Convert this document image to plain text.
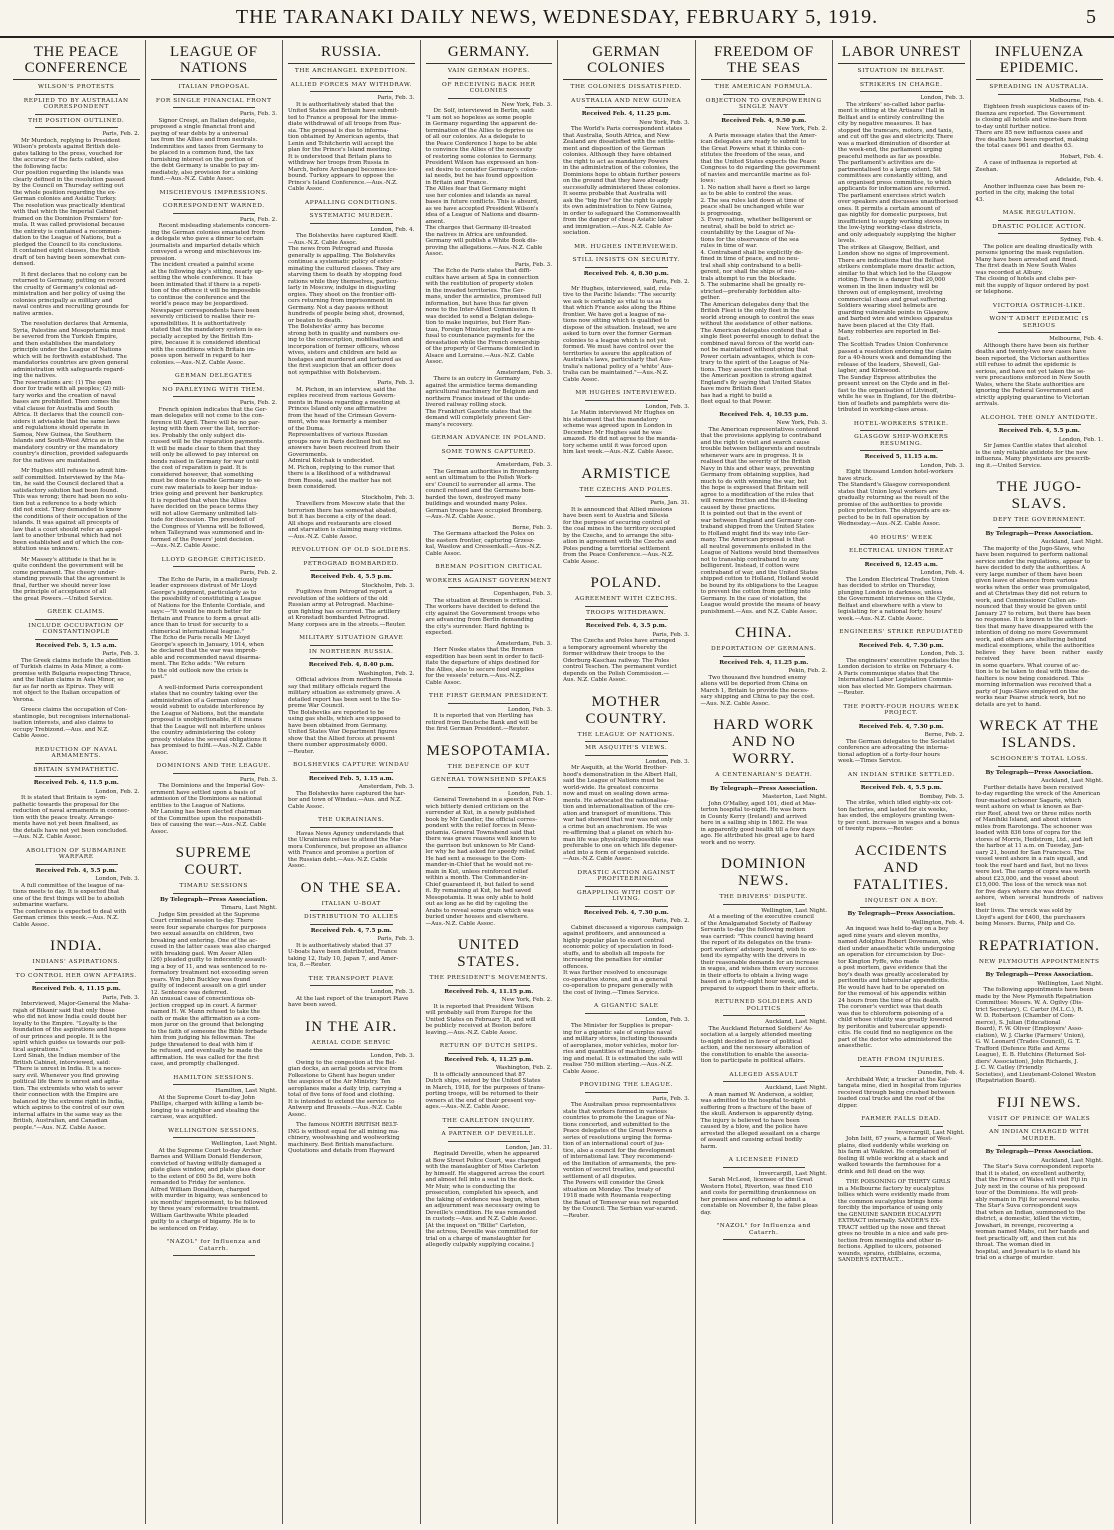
THE TARANAKI DAILY NEWS, WEDNESDAY, FEBRUARY 5, 1919.	5
THE PEACE CONFERENCE
WILSON'S PROTESTS
REPLIED TO BY AUSTRALIAN CORRESPONDENT
THE POSITION OUTLINED.
Paris, Feb. 2.
Mr Murdoch, replying to President
Wilson's protests against British dele-
gates talking to the press, vouched for
the accuracy of the facts cabled, also
the following facts:
Our position regarding the islands was
clearly defined in the resolution passed
by the Council on Thursday setting out
the whole position regarding the ex-
German colonies and Asiatic Turkey.
The resolution was practically identical
with that which the Imperial Cabinet
framed on the Dominion Premiers' for-
mula. It was called provisional because
the entirety is contained a recommen-
dation to the League of Nations, but a
pledged the Council to its conclusions.
It contained eight clauses, the British
draft of ten having been somewhat con-
densed.
It first declares that no colony can be
returned to Germany, putting on record
the cruelty of Germany's colonial ad-
ministration and her policy of using the
colonies principally as military and
naval centres and recruiting grounds for
native armies.
The resolution declares that Armenia,
Syria, Palestine and Mesopotamia must
be severed from the Turkish Empire,
and then establishes the mandatory
principle under the League of Nations
which will be forthwith established. The
mandatories countries are given general
administration with safeguards regard-
ing the natives.
The reservations are: (1) The open
door for trade with all peoples; (2) mili-
tary works and the creation of naval
bases are prohibited. Then comes the
vital clause for Australia and South
Africa. It declares that the council con-
siders it advisable that the same laws
and regulations should operate in
Samoa, New Guinea, the Southern
Islands and South-West Africa as in the
mandatory country or the mandatory
country's direction, provided safeguards
for the natives are maintained.
Mr Hughes still refuses to admit him-
self committed. Interviewed by the Ma-
tin, he said the Council declared that a
satisfactory solution had been found.
This was wrong; there had been no solu-
tion but a reference to a body which
did not exist. They demanded to know
the conditions of their occupation of the
islands. It was against all precepts of
law that a court should refer an appel-
lant to another tribunal which had not
been established and of which the con-
stitution was unknown.
Mr Massey's attitude is that he is
quite confident the government will be
come permanent. The cheery under-
standing prevails that the agreement is
final, further we should never lose
the principle of acceptance of all
the great Powers.—United Service.
GREEK CLAIMS.
INCLUDE OCCUPATION OF CONSTANTINOPLE
Received Feb. 5, 1.5 a.m.
Paris, Feb. 3.
The Greek claims include the abolition
of Turkish claims in Asia Minor, a com-
promise with Bulgaria respecting Thrace,
and the Italian claims in Asia Minor, so
far as far north as Epirus. They will
not object to the Italian occupation of
Verona.
Greece claims the occupation of Con-
stantinople, but recognises international-
isation interests, and also claims to
occupy Trebizond.—Aus. and N.Z.
Cable Assoc.
REDUCTION OF NAVAL ARMAMENTS.
BRITAIN SYMPATHETIC.
Received Feb. 4, 11.5 p.m.
London, Feb. 2.
It is stated that Britain is sym-
pathetic towards the proposal for the
reduction of naval armaments in connec-
tion with the peace treaty. Arrange-
ments have not yet been finalised, as
the details have not yet been concluded.
—Aus. N.Z. Cable Assoc.
ABOLITION OF SUBMARINE WARFARE
Received Feb. 4, 5.5 p.m.
London, Feb. 3.
A full committee of the league of na-
tions meets to day. It is expected that
one of the first things will be to abolish
submarine warfare.
The conference is expected to deal with
German crimes this week.—Aus. N.Z.
Cable Assoc.
INDIA.
INDIANS' ASPIRATIONS.
TO CONTROL HER OWN AFFAIRS.
Received Feb. 4, 11.15 p.m.
Paris, Feb. 3.
Interviewed, Major-General the Maha-
rajah of Bikanir said that only those
who did not know India could doubt her
loyalty to the Empire. "Loyalty is the
foundation of the aspirations and hopes
of our princes and people. It is the
spirit which guides us towards our poli-
tical aspirations."
Lord Sinah, the Indian member of the
British Cabinet, interviewed, said:
"There is unrest in India. It is a neces-
sary evil. Whenever you find growing
political life there is unrest and agita-
tion. The extremists who wish to sever
their connection with the Empire are
balanced by the extreme right in India,
which aspires to the control of our own
internal affairs in the same way as the
British, Australian, and Canadian
people."—Aus. N.Z. Cable Assoc.
LEAGUE OF NATIONS
ITALIAN PROPOSAL
FOR SINGLE FINANCIAL FRONT
Paris, Feb. 3.
Signor Crespi, an Italian delegate,
proposed a single financial front and
paying of war debts by a universal
tax from the Allies and from neutrals.
Indemnities and taxes from Germany to
be placed in a common fund, the tax
furnishing interest on the portion of
the debt Germany is unable to pay im-
mediately, also provision for a sinking
fund.—Aus.-N.Z. Cable Assoc.
MISCHIEVOUS IMPRESSIONS.
CORRESPONDENT WARNED.
Paris, Feb. 2.
Recent misleading statements concern-
ing the German colonies emanated from
a delegate who gave a dinner to certain
journalists and imparted details which
conveyed a wrong and mischievous im-
pression.
The incident created a painful scene
at the following day's sitting, nearly up-
setting the whole conference. It has
been intimated that if there is a repeti-
tion of the offence it will be impossible
to continue the conference and the
world's peace may be jeopardised.
Newspaper correspondents have been
severely criticised to realise their re-
sponsibilities. It is authoritatively
stated that the mandatory system is es-
pecially accepted by the British Em-
pire, because it is considered identical
with the conditions which Britain im-
poses upon herself in regard to her
colonies.—Aus.-N.Z. Cable Assoc.
GERMAN DELEGATES
NO PARLEYING WITH THEM.
Paris, Feb. 2.
French opinion indicates that the Ger-
man delegates will not come to the con-
ference till April. There will be no par-
leying with them over the list, territor-
ies. Probably the only subject dis-
cussed will be the reparation payments.
It will be made clear to them that they
will only be allowed to pay interest on
bonds raised in Germany for war until
the cost of reparation is paid. It is
considered however, that something
must be done to enable Germany to se-
cure raw materials to keep her indus-
tries going and prevent her bankruptcy.
It is reported that when the Allies
have decided on the peace terms they
will not allow Germany unlimited lati-
tude for discussion. The president of
the Congress of Vienna will be followed,
when Talleyrand was summoned and in-
formed of the Powers' joint decision.
—Aus.-N.Z. Cable Assoc.
LLOYD GEORGE CRITICISED.
Paris, Feb. 2.
The Echo de Paris, in a maliciously
leader expresses distrust of Mr Lloyd
George's judgment, particularly as to
the possibility of constituting a League
of Nations for the Entente Cordiale, and
says:—"It would be much better for
Britain and France to form a great alli-
ance than to trust for security to a
chimerical international league."
The Echo de Paris recalls Mr Lloyd
George's speech in January, 1914, when
he declared that the war was improb-
able and recommended naval disarma-
ment. The Echo adds: "We return
to the old outlook now the crisis is
past."
A well-informed Paris correspondent
states that no country taking over the
administration of a German colony
would submit to outside interference by
the League of Nations, but the mandate
proposal is unobjectionable, if it means
that the League will not interfere unless
the country administering the colony
grossly violates the several obligations it
has promised to fulfil.—Aus.-N.Z. Cable
Assoc.
DOMINIONS AND THE LEAGUE.
Paris, Feb. 3.
The Dominions and the Imperial Gov-
ernment have settled upon a basis of
admission of the Dominions as national
entities to the League of Nations.
Mr Lansing has been elected chairman
of the Committee upon the responsibili-
ties of causing the war.—Aus.-N.Z. Cable
Assoc.
SUPREME COURT.
TIMARU SESSIONS
By Telegraph—Press Association.
Timaru, Last Night.
Judge Sim presided at the Supreme
Court criminal session to-day. There
were four separate charges for purposes
two sexual assaults on children, two
breaking and entering. One of the ac-
cused in the latter cases was also charged
with breaking gaol. Wm Asser Allen
(26) pleaded guilty to indecently assault-
ing a boy of 11, and was sentenced to re-
formatory treatment not exceeding seven
years. Wm John Buckley was found
guilty of indecent assault on a girl under
12. Sentence was deferred.
An unusual case of conscientious ob-
jection cropped up in court. A farmer
named H. W. Mann refused to take the
oath or make the affirmation as a com-
mon juror on the ground that belonging
to the faith of someone the Bible forbade
him from judging his fellowman. The
judge threatened to deal with him if
he refused, and eventually he made the
affirmation. He was called for the first
case, and promptly challenged.
HAMILTON SESSIONS.
Hamilton, Last Night.
At the Supreme Court to-day John
Phillips, charged with killing a lamb be-
longing to a neighbor and stealing the
carcase, was acquitted.
WELLINGTON SESSIONS.
Wellington, Last Night.
At the Supreme Court to-day Archer
Barnes and William Donald Henderson,
convicted of having wilfully damaged a
plate glass window, and plate glass door
to the extent of £60 5s 8d, were both
remanded to Friday for sentence.
Alfred William Donaldson, charged
with murder in bigamy, was sentenced to
six months' imprisonment, to be followed
by three years' reformative treatment.
William Garthwaite White pleaded
guilty to a charge of bigamy. He is to
be sentenced on Friday.
"NAZOL" for Influenza and Catarrh.
RUSSIA.
THE ARCHANGEL EXPEDITION.
ALLIED FORCES MAY WITHDRAW.
Paris, Feb. 3.
It is authoritatively stated that the
United States and Britain have submit-
ted to France a proposal for the imme-
diate withdrawal of all troops from Rus-
sia. The proposal is due to informa-
tion obtained by American agents, that
Lenin and Tchitcherin will accept the
plan for the Prince's Island meeting.
It is understood that Britain plans to
withdraw her troops from Russia in
March, before Archangel becomes ice-
bound. Turkey appears to oppose the
Prince's Island Conference.—Aus.-N.Z.
Cable Assoc.
APPALLING CONDITIONS.
SYSTEMATIC MURDER.
London, Feb. 4.
The Bolsheviks have captured Kieff.
—Aus.-N.Z. Cable Assoc.
The news from Petrograd and Russia
generally is appalling. The Bolsheviks
continue a systematic policy of exter-
minating the cultured classes. They are
starving them to death by stopping food
rations while they themselves, particu-
larly in Moscow, indulge in disgusting
orgies. They shoot on the frontier offi-
cers returning from imprisonment in
Germany. Not a day passes without
hundreds of people being shot, drowned,
or beaten to death.
The Bolsheviks' army has become
strong both in quality and numbers ow-
ing to the conscription, mobilisation and
incorporation of former officers, whose
wives, sisters and children are held as
hostages and murdered and tortured as
the first suspicion that an officer does
not sympathise with Bolshevism.
Paris, Feb. 3.
M. Pichon, in an interview, said the
replies received from various Govern-
ments in Russia regarding a meeting at
Princes Island only one affirmative
from the head of the Crimean Govern-
ment, who was formerly a member
of the Duma.
Representatives of various Russian
groups now in Paris declined but no
answers have been received from their
Governments.
Admiral Kolchak is undecided.
M. Pichon, replying to the rumor that
there is a likelihood of a withdrawal
from Russia, said the matter has not
been considered.
Stockholm, Feb. 3.
Travellers from Moscow state that the
terrorism there has somewhat abated,
but it has become a city of the dead.
All shops and restaurants are closed
and starvation is claiming many victims.
—Aus.-N.Z. Cable Assoc.
REVOLUTION OF OLD SOLDIERS.
PETROGRAD BOMBARDED.
Received Feb. 4, 5.5 p.m.
Stockholm, Feb. 3.
Fugitives from Petrograd report a
revolution of the soldiers of the old
Russian army at Petrograd. Machine-
gun fighting has occurred. The artillery
at Kronstadt bombarded Petrograd.
Many corpses are in the streets.—Reuter.
MILITARY SITUATION GRAVE
IN NORTHERN RUSSIA.
Received Feb. 4, 8.40 p.m.
Washington, Feb. 2.
Official advices from northern Russia
say that military officials regard the
military situation as extremely grave. A
detailed report has been sent to the Su-
preme War Council.
The Bolsheviks are reported to be
using gas shells, which are supposed to
have been obtained from Germany.
United States War Department figures
show that the Allied forces at present
there number approximately 6000.
—Reuter.
BOLSHEVIKS CAPTURE WINDAU
Received Feb. 5, 1.15 a.m.
Amsterdam, Feb. 3.
The Bolsheviks have captured the har-
bor and town of Windau.—Aus. and N.Z.
Cable Assoc.
THE UKRAINIANS.
Havas News Agency understands that
the Ukrainians refuse to attend the Mar-
mora Conference, but propose an alliance
with France and promise a portion of
the Russian debt.—Aus.-N.Z. Cable
Assoc.
ON THE SEA.
ITALIAN U-BOAT
DISTRIBUTION TO ALLIES
Received Feb. 4, 7.5 p.m.
Paris, Feb. 3.
It is authoritatively stated that 37
U-boats have been distributed, France
taking 12, Italy 10, Japan 7, and Amer-
ica, 8.—Reuter.
THE TRANSPORT PIAVE
London, Feb. 3.
At the last report of the transport Piave
have been saved.
IN THE AIR.
AERIAL CODE SERVIC
London, Feb. 3.
Owing to the congestion at the Bel-
gian docks, an aerial goods service from
Folkestone to Ghent has begun under
the auspices of the Air Ministry. Ten
aeroplanes make a daily trip, carrying a
total of five tons of food and clothing.
It is intended to extend the service to
Antwerp and Brussels.—Aus.-N.Z. Cable
Assoc.
The famous NORTH BRITISH BELT-
ING is without equal for all mining ma-
chinery, woolwashing and woolworking
machinery. Best British manufacture.
Quotations and details from Hayward
GERMANY.
VAIN GERMAN HOPES.
OF RECEIVING BACK HER COLONIES
New York, Feb. 3.
Dr. Solf, interviewed in Berlin, said:
"I am not so hopeless as some people
in Germany regarding the apparent de-
termination of the Allies to deprive us
of all our colonies. As a delegate to
the Peace Conference I hope to be able
to convince the Allies of the necessity
of restoring some colonies to Germany.
President Wilson has expressed an hon-
est desire to consider Germany's colon-
ial needs, but he has found opposition
in Britain and France.
The Allies fear that Germany might
use her colonies and islands as naval
bases in future conflicts. This is absurd,
as we have accepted President Wilson's
idea of a League of Nations and disarm-
ament.
The charges that Germany ill-treated
the natives in Africa are unfounded.
Germany will publish a White Book dis-
proving the allegations.—Aus.-N.Z. Cable
Assoc.
Paris, Feb. 3.
The Echo de Paris states that diffi-
culties have arisen at Spa in connection
with the restitution of property stolen
in the invaded territories. The Ger-
mans, under the armistice, promised full
information, but have thus far given
none to the Inter-Allied Commission. It
was decided to send a Belgian delega-
tion to make inquiries, but Herr Ran-
tzau, Foreign Minister, replied by a re-
fusal to countenance payments for the
devastation while the French ownership
of the property of Germans domiciled in
Alsace and Lorraine.—Aus.-N.Z. Cable
Assoc.
Amsterdam, Feb. 3.
There is an outcry in Germany
against the armistice terms demanding
agricultural machinery for Belgium and
northern France instead of the unde-
livered railway rolling stock.
The Frankfurt Gazette states that the
demand will completely prevent Ger-
many's recovery.
GERMAN ADVANCE IN POLAND.
SOME TOWNS CAPTURED.
Amsterdam, Feb. 3.
The German authorities in Bromberg
sent an ultimatum to the Polish Work-
ers' Council to surrender all arms. The
council refused and the Germans bom-
barded the town, destroyed many
buildings and wounded many Poles.
German troops have occupied Bromberg.
—Aus.-N.Z. Cable Assoc.
Berne, Feb. 3.
The Germans attacked the Poles on
the eastern frontier, capturing Grzesz-
kal, Wasilow and Cressenkall.—Aus.-N.Z.
Cable Assoc.
BREMAN POSITION CRITICAL
WORKERS AGAINST GOVERNMENT
Copenhagen, Feb. 3.
The situation at Bremen is critical.
The workers have decided to defend the
city against the Government troops who
are advancing from Berlin demanding
the city's surrender. Hard fighting is
expected.
Amsterdam, Feb. 3.
Herr Noske states that the Bremen
expedition has been sent in order to facil-
itate the departure of ships destined for
the Allies, also to secure food supplies
for the vessels' return.—Aus.-N.Z.
Cable Assoc.
THE FIRST GERMAN PRESIDENT.
London, Feb. 3.
It is reported that von Hertling has
retired from Deutsche Bank and will be
the first German President.—Reuter.
MESOPOTAMIA.
THE DEFENCE OF KUT
GENERAL TOWNSHEND SPEAKS
London, Feb. 1.
General Townshend in a speech at Nor-
wich bitterly denied criticism on the
surrender at Kut, in a newly published
book by Mr Candler, the official corres-
pondent with the relief forces in Meso-
potamia. General Townshend said that
there was grave reasons well known to
the garrison but unknown to Mr Cand-
ler why he had asked for speedy relief.
He had sent a message to the Com-
mander-in-Chief that he would not re-
main in Kut, unless reinforced relief
within a month. The Commander-in-
Chief guaranteed it, but failed to send
it. By remaining at Kut, he had saved
Mesopotamia. It was only able to hold
out as long as he did by cajoling the
Arabs to reveal some grain which was
buried under houses and elsewhere.
—Aus.-N.Z. Cable Assoc.
UNITED STATES.
THE PRESIDENT'S MOVEMENTS.
Received Feb. 4, 11.15 p.m.
New York, Feb. 2.
It is reported that President Wilson
will probably sail from Europe for the
United States on February 18, and will
be publicly received at Boston before
leaving.—Aus.-N.Z. Cable Assoc.
RETURN OF DUTCH SHIPS.
Received Feb. 4, 11.25 p.m.
Washington, Feb. 2.
It is officially announced that 87
Dutch ships, seized by the United States
in March, 1918, for the purposes of trans-
porting troops, will be returned to their
owners at the end of their present voy-
ages.—Aus.-N.Z. Cable Assoc.
THE CARLETON INQUIRY.
A PARTNER OF DEVEILLE.
London, Jan. 31.
Reginald Deveille, when he appeared
at Bow Street Police Court, was charged
with the manslaughter of Miss Carleton
by himself. He staggered across the court
and almost fell into a seat in the dock.
Mr Muir, who is conducting the
prosecution, completed his speech, and
the taking of evidence was begun, when
an adjournment was necessary owing to
Deveille's condition. He was remanded
in custody.—Aus. and N.Z. Cable Assoc.
[At the inquest on "Billie" Carleton,
the actress, Deveille was committed for
trial on a charge of manslaughter for
allegedly culpably supplying cocaine.]
GERMAN COLONIES
THE COLONIES DISSATISFIED.
AUSTRALIA AND NEW GUINEA
Received Feb. 4, 11.25 p.m.
New York, Feb. 3.
The World's Paris correspondent states
that Australia, South Africa, and New
Zealand are dissatisfied with the settle-
ment and disposition of the German
colonies. Although they have obtained
the right to act as mandatory Powers
in the administration of the colonies, the
Dominions hope to obtain further powers
on the ground that they have already
successfully administered these colonies.
It seems probable that Australia will
ask the "big five" for the right to apply
its own administration to New Guinea,
in order to safeguard the Commonwealth
from the danger of cheap Asiatic labor
and immigration.—Aus.-N.Z. Cable As-
sociation.
MR. HUGHES INTERVIEWED.
STILL INSISTS ON SECURITY.
Received Feb. 4, 8.30 p.m.
Paris, Feb. 2.
Mr Hughes, interviewed, said, rela-
tive to the Pacific Islands: "The security
we ask is certainly as vital to us as
that which France asks along the Rhine
frontier. We have got a league of na-
tions now sitting which is qualified to
dispose of the situation. Instead, we are
asked to turn over the former German
colonies to a league which is not yet
formed. We must have control over the
territories to assure the application of
Australia's laws, particularly that Aus-
tralia's national policy of a 'white' Aus-
tralia can be maintained."—Aus.-N.Z.
Cable Assoc.
MR HUGHES INTERVIEWED.
London, Feb. 3.
Le Matin interviewed Mr Hughes on
his statement that the mandatory
scheme was agreed upon in London in
December. Mr Hughes said he was
amazed. He did not agree to the manda-
tory scheme until it was forced upon
him last week.—Aus.-N.Z. Cable Assoc.
ARMISTICE
THE CZECHS AND POLES.
Paris, Jan. 31.
It is announced that Allied missions
have been sent to Austria and Silesia
for the purpose of securing control of
the coal mines in the territory occupied
by the Czechs, and to arrange the situ-
ation in agreement with the Czechs and
Poles pending a territorial settlement
from the Peace Conference.—Aus.-N.Z.
Cable Assoc.
POLAND.
AGREEMENT WITH CZECHS.
TROOPS WITHDRAWN.
Received Feb. 4, 3.5 p.m.
Paris, Feb. 3.
The Czechs and Poles have arranged
a temporary agreement whereby the
former withdraw their troops to the
Oderburg-Kaschau railway. The Poles
control Teschen. The permanent verdict
depends on the Polish Commission.—
Aus. N.Z. Cable Assoc.
MOTHER COUNTRY.
THE LEAGUE OF NATIONS.
MR ASQUITH'S VIEWS.
London, Feb. 3.
Mr Asquith, at the World Brother-
hood's demonstration in the Albert Hall,
said the League of Nations must be
world-wide. Its greatest concerns
now and must on sealing down arma-
ments. He advocated the nationalisa-
tion and internationalisation of the cre-
ation and transport of munitions. This
war had showed that war was not only
a crime but an anachronism. He was
re-affirming that a planet on which hu-
man life was physically impossible was
preferable to one on which life degener-
ated into a form of organised suicide.
—Aus.-N.Z. Cable Assoc.
DRASTIC ACTION AGAINST PROFITEERING.
GRAPPLING WITH COST OF LIVING.
Received Feb. 4, 7.30 p.m.
Paris, Feb. 2.
Cabinet discussed a vigorous campaign
against profiteers, and announced a
highly popular plan to exert central
economic policy of speculation in food-
stuffs, and to abolish all imposts for
increasing the penalties for similar
offences.
It was further resolved to encourage
co-operative stores, and in a general
co-operation to prepare generally with
the cost of living.—Times Service.
A GIGANTIC SALE
London, Feb. 3.
The Minister for Supplies is prepar-
ing for a gigantic sale of surplus naval
and military stores, including thousands
of aeroplanes, motor vehicles, motor lor-
ries and quantities of machinery, cloth-
ing and metal. It is estimated the sale will
realise 750 million sterling.—Aus.-N.Z.
Cable Assoc.
PROVIDING THE LEAGUE.
Paris, Feb. 3.
The Australian press representatives
state that workers formed in various
countries to promote the League of Na-
tions concerted, and submitted to the
Peace delegates of the Great Powers a
series of resolutions urging the forma-
tion of an international court of jus-
tice, also a council for the development
of international law. They recommend-
ed the limitation of armaments, the pre-
vention of secret treaties, and peaceful
settlement of all disputes.
The Powers will consider the Greek
situation on Monday. The treaty of
1918 made with Roumania respecting
the Banat of Temesvar was not regarded
by the Council. The Serbian war-scared.
—Reuter.
FREEDOM OF THE SEAS
THE AMERICAN FORMULA.
OBJECTION TO OVERPOWERING SINGLE NAVY
Received Feb. 4, 9.50 p.m.
New York, Feb. 2.
A Paris message states that the Amer-
ican delegates are ready to submit to
the Great Powers what it thinks con-
stitutes the freedom of the seas, and
that the United States expects the Peace
Congress to do regarding the government
of navies and mercantile marine as fol-
lows:
1. No nation shall have a fleet so large
as to be able to control the seas.
2. The sea rules laid down at time of
peace shall be unchanged while war
is progressing.
3. Every nation, whether belligerent or
neutral, shall be bold to strict ac-
countability by the League of Na-
tions for the observance of the sea
rules in time of war.
4. Contraband shall be explicitly de-
fined in time of peace, and no neu-
tral shall ship contraband to a belli-
gerent, nor shall the ships of neu-
trals attempt to run the blockade.
5. The submarine shall be greatly re-
stricted—preferably forbidden alto-
gether.
The American delegates deny that the
British Fleet is the only fleet in the
world strong enough to control the seas
without the assistance of other nations.
The American delegates contend that a
single fleet powerful enough to defeat the
combined naval forces of the world can-
not be maintained without giving that
Power certain advantages, which is con-
trary to the spirit of the League of Na-
tions. They assert the contention that
the American position is strong against
England's fly saying that United States
have more British fleet
has had a right to build a
fleet equal to that Power.
Received Feb. 4, 10.55 p.m.
New York, Feb. 3.
The American representatives contend
that the provisions applying to contraband
and the right to visit and search cause
trouble between belligerents and neutrals
whenever wars are in progress. It is
realised that the severity of the British
Navy in this and other ways, preventing
Germany from obtaining supplies, had
much to do with winning the war, but
the hope is expressed that Britain will
agree to a modification of the rules that
will remove friction and the ill-feeling
caused by these practices.
It is pointed out that in the event of
war between England and Germany con-
traband shipped from the United States
to Holland might find its way into Ger-
many. The American proposal is that
all neutral governments enlisted in the
League of Nations would bind themselves
not to transship contraband to any
belligerent. Instead, if cotton were
contraband of war, and the United States
shipped cotton to Holland, Holland would
be bound by its obligations to the League
to prevent the cotton from getting into
Germany. In the case of violation, the
League would provide the means of heavy
punishment.—Aus. and N.Z. Cable Assoc.
CHINA.
DEPORTATION OF GERMANS.
Received Feb. 4, 11.25 p.m.
Pekin, Feb. 2.
Two thousand five hundred enemy
aliens will be deported from China on
March 1, Britain to provide the neces-
sary shipping and China to pay the cost.
—Aus. N.Z. Cable Assoc.
HARD WORK AND NO WORRY.
A CENTENARIAN'S DEATH.
By Telegraph—Press Association.
Masterton, Last Night.
John O'Malley, aged 101, died at Mas-
terton hospital to-night. He was born
in County Kerry (Ireland) and arrived
here in a sailing ship in 1862. He was
in apparently good health till a few days
ago. He attributed his great age to hard
work and no worry.
DOMINION NEWS.
THE DRIVERS' DISPUTE.
Wellington, Last Night.
At a meeting of the executive council
of the Amalgamated Society of Railway
Servants to-day the following motion
was carried: "This council having heard
the report of its delegates on the trans-
port workers' advisory board, wish to ex-
tend its sympathy with the drivers in
their reasonable demands for an increase
in wages, and wishes them every success
in their efforts to obtain a living wage
based on a forty-eight hour week, and is
prepared to support them in their efforts.
RETURNED SOLDIERS AND POLITICS
Auckland, Last Night.
The Auckland Returned Soldiers' As-
sociation at a largely attended meeting
to-night decided in favor of political
action, and the necessary alteration of
the constitution to enable the associa-
tion to participate in political affairs.
ALLEGED ASSAULT
Auckland, Last Night.
A man named W. Anderson, a soldier,
was admitted to the hospital to-night
suffering from a fracture of the base of
the skull. Anderson is apparently dying.
The injury is believed to have been
caused by a blow, and the police have
arrested the alleged assailant on a charge
of assault and causing actual bodily
harm.
A LICENSEE FINED
Invercargill, Last Night.
Sarah McLeod, licensee of the Great
Western Hotel, Riverton, was fined £10
and costs for permitting drunkenness on
her premises and refusing to admit a
constable on November 8, the false pleas
day.
"NAZOL" for Influenza and Catarrh.
LABOR UNREST
SITUATION IN BELFAST.
STRIKERS IN CHARGE.
London, Feb. 3.
The strikers' so-called labor parlia-
ment is sitting at the Artisans' Hall in
Belfast and is entirely controlling the
city by negative measures. It has
stopped the tramcars, motors, and taxis,
and cut off the gas and electricity. There
was a marked diminution of disorder at
the week-end, the parliament urging
peaceful methods as far as possible.
The parliament's activities are de-
partmentalised to a large extent. Sit
committees are constantly sitting, and
an organised press committee, to which
applicants for information are referred.
The parliament exercises strict watch
over speakers and discusses unauthorised
ones. It permits a certain amount of
gas nightly for domestic purposes, but
insufficient to supply working stoves in
the low-lying working-class districts,
and only adequately supplying the higher
levels.
The strikes at Glasgow, Belfast, and
London show no signs of improvement.
There are indications that the Belfast
strikers contemplate more drastic action,
similar to that which led to the Glasgow
rioting. There is a danger that 20,000
women in the linen industry will be
thrown out of employment, involving
commercial chaos and great suffering.
Soldiers wearing steel helmets are
guarding vulnerable points in Glasgow,
and barbed wire and wireless apparatus
have been placed at the City Hall.
Many robberies are reported in Bel-
fast.
The Scottish Trades Union Conference
passed a resolution endorsing the claim
for a 40-hours week and demanding the
release of the leaders, Shewell, Gal-
lagher, and Kirkwood.
The Sunday Express attributes the
present unrest on the Clyde and in Bel-
fast to the organisation of Litvinoff,
while he was in England, for the distribu-
tion of leaflets and pamphlets were dis-
tributed in working-class areas.
HOTEL-WORKERS STRIKE.
GLASGOW SHIP-WORKERS RESUMING.
Received 5, 11.15 a.m.
London, Feb. 3.
Eight thousand London hotel-workers
have struck.
The Standard's Glasgow correspondent
states that Union loyal workers are
gradually returning as the result of the
promise of the authorities to provide
police protection. The shipyards are ex-
pected to be in full operation by
Wednesday.—Aus.-N.Z. Cable Assoc.
40 HOURS' WEEK
ELECTRICAL UNION THREAT
Received 6, 12.45 a.m.
London, Feb. 4.
The London Electrical Trades Union
has decided to strike on Thursday,
plunging London in darkness, unless
the Government intervenes on the Clyde,
Belfast and elsewhere with a view to
legislating for a national forty hours'
week.—Aus.-N.Z. Cable Assoc.
ENGINEERS' STRIKE REPUDIATED
Received Feb. 4, 7.30 p.m.
London, Feb. 3.
The engineers' executive repudiates the
London decision to strike on February 4.
A Paris communique states that the
International Labor Legislation Commis-
sion has elected Mr. Gompers chairman.
—Reuter.
THE FORTY-FOUR HOURS WEEK PROJECT.
Received Feb. 4, 7.30 p.m.
Berne, Feb. 2.
The German delegates to the Socialist
conference are advocating the interna-
tional adoption of a forty-four hours
week.—Times Service.
AN INDIAN STRIKE SETTLED.
Received Feb. 4, 5.5 p.m.
Bombay, Feb. 3.
The strike, which idled eighty-six cot-
ton factories, and lasted for six weeks,
has ended, the employers granting twen-
ty per cent. increase in wages and a bonus
of twenty rupees.—Reuter.
ACCIDENTS AND FATALITIES.
INQUEST ON A BOY.
By Telegraph—Press Association.
Wellington, Feb. 4.
An inquest was held to-day on a boy
aged nine years and eleven months,
named Adolphus Robert Dovemaun, who
died under anaesthetic while undergoing
an operation for circumcision by Doc-
tor Kington Fyffe, who made
a post mortem, gave evidence that the
boy's death was greatly accelerated by
peritonitis and tubercular appendicitis.
He would have had to be operated on
for the removal of his appendix within
24 hours from the time of his death.
The coroner's verdict was that death
was due to chloroform poisoning of a
child whose vitality was greatly lowered
by peritonitis and tubercular appendi-
citis. He could find no negligence on the
part of the doctor who administered the
anaesthetic.
DEATH FROM INJURIES.
Dunedin, Feb. 4.
Archibald Weir, a trucker at the Kai-
tangata mine, died in hospital from injuries
received through being crushed between
loaded coal trucks and the roof of the
dipper.
FARMER FALLS DEAD.
Invercargill, Last Night.
John Isitt, 67 years, a farmer of West-
plains, died suddenly while working on
his farm at Waikiwi. He complained of
feeling ill while working at a stack and
walked towards the farmhouse for a
drink and fell dead on the way.
THE POISONING OF THIRTY GIRLS
in a Melbourne factory by eucalyptus
lollies which were evidently made from
the common eucalyptus brings home
forcibly the importance of using only
the GENUINE SANDER EUCALYPTI
EXTRACT internally. SANDER'S EX-
TRACT settled up the nose and throat
gives no trouble in a nice and safe pro-
tection from meningitis and other in-
fections. Applied to ulcers, poisoned
wounds, sprains, chilblains, eczema,
SANDER'S EXTRACT...
INFLUENZA EPIDEMIC.
SPREADING IN AUSTRALIA.
Melbourne, Feb. 4.
Eighteen fresh suspicious cases of in-
fluenza are reported. The Government
is closing all hotels and wine-bars from
to-day until further notice.
There are 85 new influenza cases and
five deaths have been reported, making
the total cases 961 and deaths 63.
Hobart, Feb. 4.
A case of influenza is reported at
Zeehan.
Adelaide, Feb. 4.
Another influenza case has been re-
ported in the city, making the total
43.
MASK REGULATION.
DRASTIC POLICE ACTION.
Sydney, Feb. 4.
The police are dealing drastically with
persons ignoring the mask regulation.
Many have been arrested and fined.
The first death in New South Wales
was recorded at Albury.
The closing of hotels and clubs per-
mit the supply of liquor ordered by post
or telephone.
VICTORIA OSTRICH-LIKE.
WON'T ADMIT EPIDEMIC IS SERIOUS
Melbourne, Feb. 4.
Although there have been six further
deaths and twenty-two new cases have
been reported, the Victorian authorities
still refuse to admit the epidemic is
serious, and have not yet taken the se-
vere precautions enforced in New South
Wales, where the State authorities are
ignoring the Federal Government and
strictly applying quarantine to Victorian
arrivals.
ALCOHOL THE ONLY ANTIDOTE.
Received Feb. 4, 5.5 p.m.
London, Feb. 1.
Sir James Cantlie states that alcohol
is the only reliable antidote for the new
influenza. Many physicians are prescrib-
ing it.—United Service.
THE JUGO-SLAVS.
DEFY THE GOVERNMENT.
By Telegraph—Press Association.
Auckland, Last Night.
The majority of the Jugo-Slavs, who
have been required to perform national
service under the regulations, appear to
have decided to defy the authorities. A
very large number of them have been
given leave of absence from various
works when the order was promulgated,
and at Christmas they did not return to
work, and Commissioner Cullen an-
nounced that they would be given until
January 27 to return, but there has been
no response. It is known to the authori-
ties that many have disappeared with the
intention of doing no more Government
work, and others are sheltering behind
medical exemptions, while the authorities
believe they have been rather easily received
in some quarters. What course of ac-
tion is to be taken to deal with these de-
faulters is now being considered. This
morning information was received that a
party of Jugo-Slavs employed on the
works near Pearse struck work, but no
details are yet to hand.
WRECK AT THE ISLANDS.
SCHOONER'S TOTAL LOSS.
By Telegraph—Press Association.
Auckland, Last Night.
Further details have been received
to-day regarding the wreck of the American
four-masted schooner Sagaris, which
went ashore on what is known as Bar-
rier Reef, about two or three miles north
of Manihiki Island, and about sixteen
miles from Rarotonga. The schooner was
loaded with 836 tons of copra for the
stores of Morris, Hedstrom, Ltd., and left
the harbor at 11 a.m. on Tuesday, Jan-
uary 21, bound for San Francisco. The
vessel went ashore in a rain squall, and
took the reef hard and fast, but no lives
were lost. The cargo of copra was worth
about £23,000, and the vessel about
£15,000. The loss of the wreck was not
for five days where she was driven
ashore, when several hundreds of natives lost
their lives. The wreck was sold by
Lloyd's agent for £400, the purchasers
being Messrs. Burns, Philp and Co.
REPATRIATION.
NEW PLYMOUTH APPOINTMENTS
By Telegraph—Press Association.
Wellington, Last Night.
The following appointments have been
made by the New Plymouth Repatriation
Committee: Messrs. W. A. Ogilvy (Dis-
trict Secretary), C. Carter (M.L.C.), R.
W. D. Robertson (Chamber of Com-
merce), S. Julian (Educational
Board), F. W. Oliver (Employers' Asso-
ciation), W. J. Clarke (Farmers' Union),
G. W. Leonard (Trades Council), G. T.
Trafford (Defence Rifle and Arms
League), E. B. Hutchins (Returned Sol-
diers' Association), John Richards, J.
J. C. W. Catley (Friendly
Societies), and Lieutenant-Colonel Weston
(Repatriation Board).
FIJI NEWS.
VISIT OF PRINCE OF WALES
AN INDIAN CHARGED WITH MURDER.
By Telegraph—Press Association.
Auckland, Last Night.
The Star's Suva correspondent reports
that it is stated, on excellent authority,
that the Prince of Wales will visit Fiji in
July next in the course of his proposed
tour of the Dominions. He will prob-
ably remain in Fiji for several weeks.
The Star's Suva correspondent says
that when an Indian, summoned to the
district, a domestic, killed the victim,
Jowahari, in revenge, recovering a
woman named Mabs, cut her hands and
feet practically off, and then cut his
throat. The woman died in
hospital, and Jowahari is to stand his
trial on a charge of murder.
